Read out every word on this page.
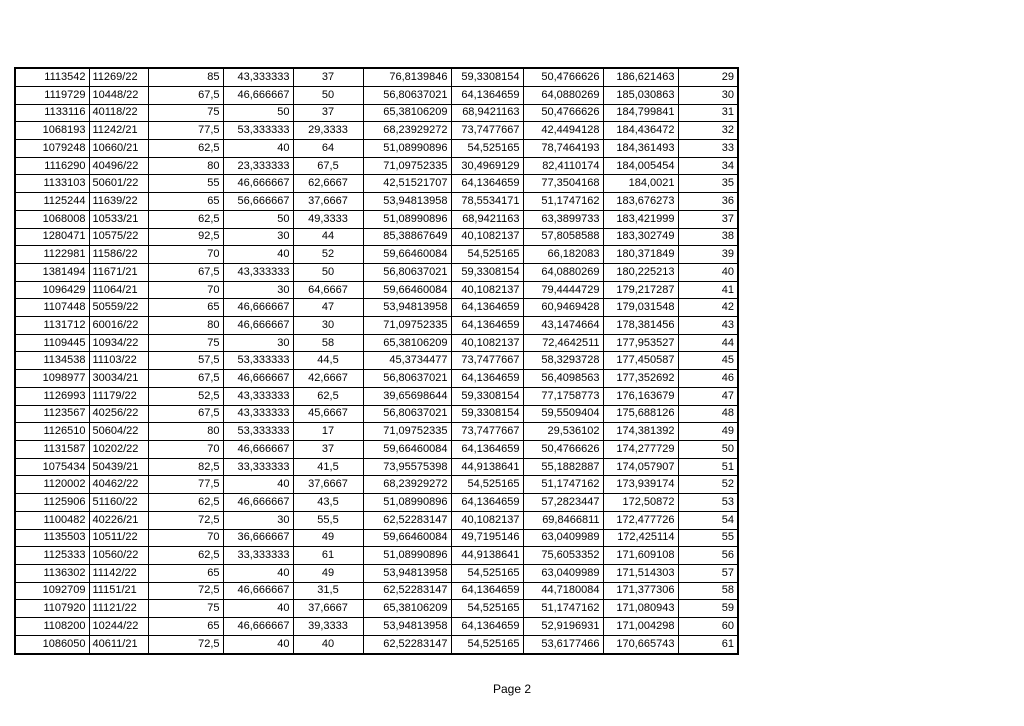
1113542	11269/22	85	43,333333	37	76,8139846	59,3308154	50,4766626	186,621463	29
1119729	10448/22	67,5	46,666667	50	56,80637021	64,1364659	64,0880269	185,030863	30
1133116	40118/22	75	50	37	65,38106209	68,9421163	50,4766626	184,799841	31
1068193	11242/21	77,5	53,333333	29,3333	68,23929272	73,7477667	42,4494128	184,436472	32
1079248	10660/21	62,5	40	64	51,08990896	54,525165	78,7464193	184,361493	33
1116290	40496/22	80	23,333333	67,5	71,09752335	30,4969129	82,4110174	184,005454	34
1133103	50601/22	55	46,666667	62,6667	42,51521707	64,1364659	77,3504168	184,0021	35
1125244	11639/22	65	56,666667	37,6667	53,94813958	78,5534171	51,1747162	183,676273	36
1068008	10533/21	62,5	50	49,3333	51,08990896	68,9421163	63,3899733	183,421999	37
1280471	10575/22	92,5	30	44	85,38867649	40,1082137	57,8058588	183,302749	38
1122981	11586/22	70	40	52	59,66460084	54,525165	66,182083	180,371849	39
1381494	11671/21	67,5	43,333333	50	56,80637021	59,3308154	64,0880269	180,225213	40
1096429	11064/21	70	30	64,6667	59,66460084	40,1082137	79,4444729	179,217287	41
1107448	50559/22	65	46,666667	47	53,94813958	64,1364659	60,9469428	179,031548	42
1131712	60016/22	80	46,666667	30	71,09752335	64,1364659	43,1474664	178,381456	43
1109445	10934/22	75	30	58	65,38106209	40,1082137	72,4642511	177,953527	44
1134538	11103/22	57,5	53,333333	44,5	45,3734477	73,7477667	58,3293728	177,450587	45
1098977	30034/21	67,5	46,666667	42,6667	56,80637021	64,1364659	56,4098563	177,352692	46
1126993	11179/22	52,5	43,333333	62,5	39,65698644	59,3308154	77,1758773	176,163679	47
1123567	40256/22	67,5	43,333333	45,6667	56,80637021	59,3308154	59,5509404	175,688126	48
1126510	50604/22	80	53,333333	17	71,09752335	73,7477667	29,536102	174,381392	49
1131587	10202/22	70	46,666667	37	59,66460084	64,1364659	50,4766626	174,277729	50
1075434	50439/21	82,5	33,333333	41,5	73,95575398	44,9138641	55,1882887	174,057907	51
1120002	40462/22	77,5	40	37,6667	68,23929272	54,525165	51,1747162	173,939174	52
1125906	51160/22	62,5	46,666667	43,5	51,08990896	64,1364659	57,2823447	172,50872	53
1100482	40226/21	72,5	30	55,5	62,52283147	40,1082137	69,8466811	172,477726	54
1135503	10511/22	70	36,666667	49	59,66460084	49,7195146	63,0409989	172,425114	55
1125333	10560/22	62,5	33,333333	61	51,08990896	44,9138641	75,6053352	171,609108	56
1136302	11142/22	65	40	49	53,94813958	54,525165	63,0409989	171,514303	57
1092709	11151/21	72,5	46,666667	31,5	62,52283147	64,1364659	44,7180084	171,377306	58
1107920	11121/22	75	40	37,6667	65,38106209	54,525165	51,1747162	171,080943	59
1108200	10244/22	65	46,666667	39,3333	53,94813958	64,1364659	52,9196931	171,004298	60
1086050	40611/21	72,5	40	40	62,52283147	54,525165	53,6177466	170,665743	61
Page 2
